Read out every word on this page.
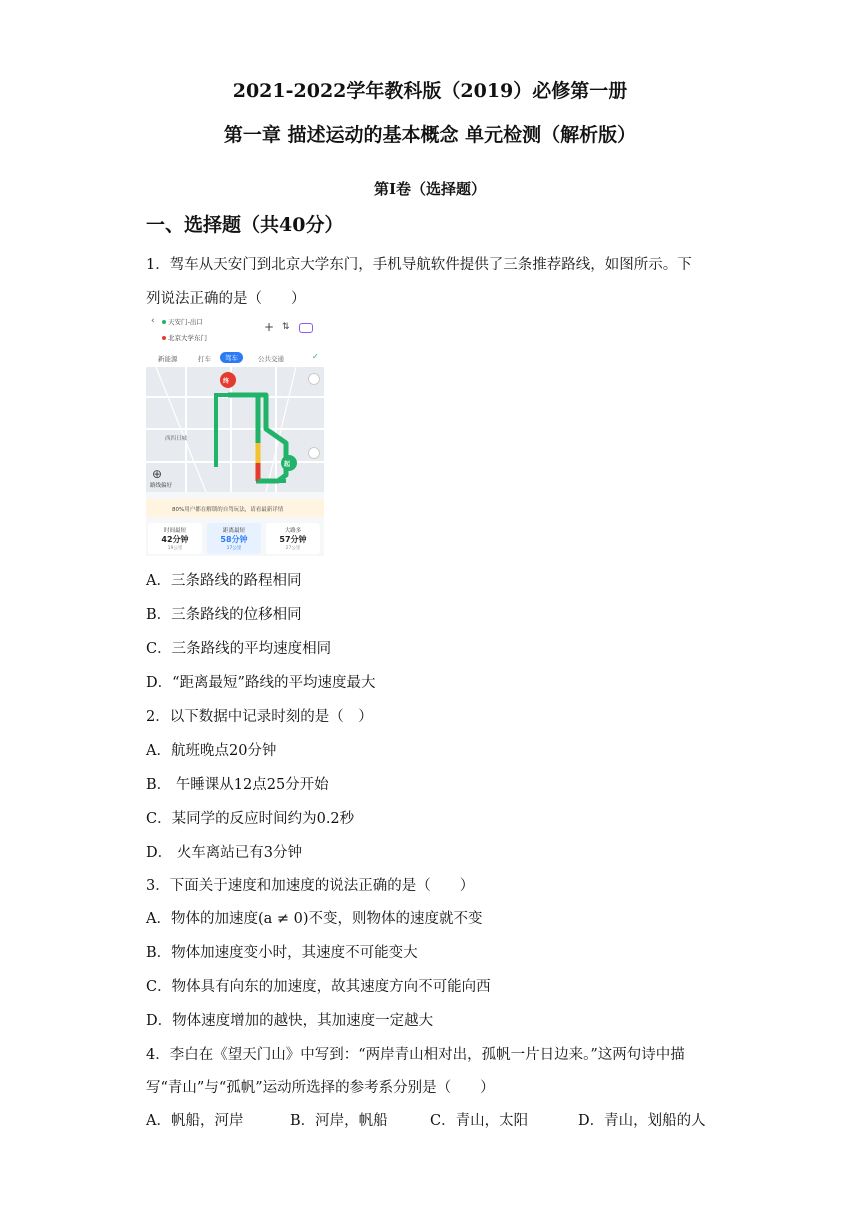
2021-2022学年教科版（2019）必修第一册
第一章 描述运动的基本概念 单元检测（解析版）
第Ⅰ卷（选择题）
一、选择题（共40分）
1．驾车从天安门到北京大学东门，手机导航软件提供了三条推荐路线，如图所示。下
列说法正确的是（　　）
‹ 天安门-出口
北京大学东门
+ ⇅
新能源	打车	驾车	公共交通	✓
终
起
西四日城
⊕
路线偏好
80%用户都在解锁的自驾玩法，请看最新详情
时间最短
42分钟
19公里
距离最短
58分钟
17公里
大路多
57分钟
27公里
A．三条路线的路程相同
B．三条路线的位移相同
C．三条路线的平均速度相同
D．“距离最短”路线的平均速度最大
2．以下数据中记录时刻的是（　）
A．航班晚点20分钟
B． 午睡课从12点25分开始
C．某同学的反应时间约为0.2秒
D． 火车离站已有3分钟
3．下面关于速度和加速度的说法正确的是（　　）
A．物体的加速度(a ≠ 0)不变，则物体的速度就不变
B．物体加速度变小时，其速度不可能变大
C．物体具有向东的加速度，故其速度方向不可能向西
D．物体速度增加的越快，其加速度一定越大
4．李白在《望天门山》中写到：“两岸青山相对出，孤帆一片日边来。”这两句诗中描
写“青山”与“孤帆”运动所选择的参考系分别是（　　）
A．帆船，河岸	B．河岸，帆船	C．青山，太阳	D．青山，划船的人
